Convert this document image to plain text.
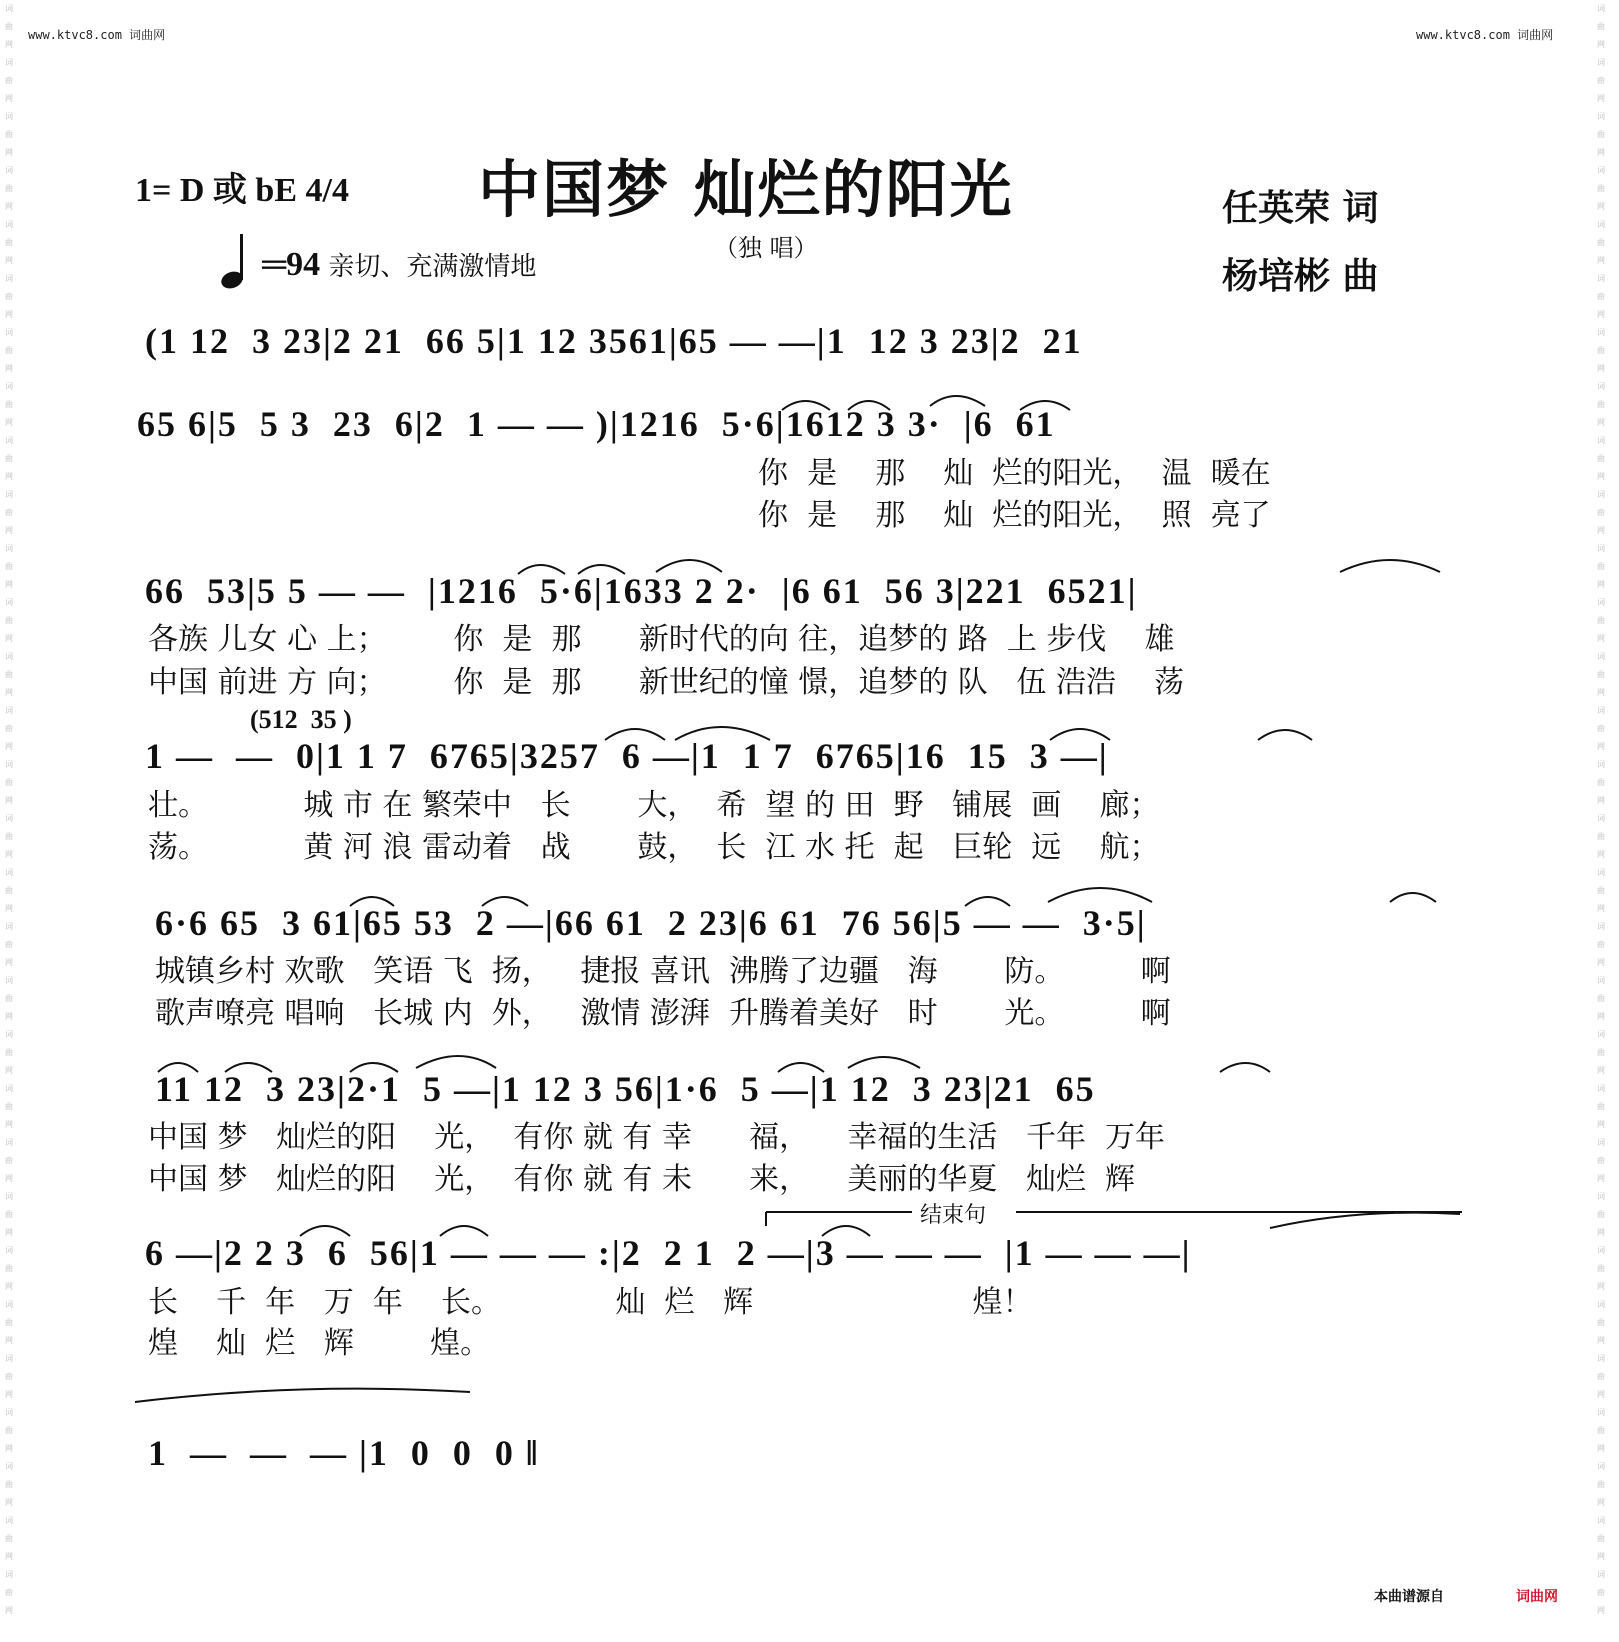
词
曲
网
词
曲
网
词
曲
网
词
曲
网
词
曲
网
词
曲
网
词
曲
网
词
曲
网
词
曲
网
词
曲
网
词
曲
网
词
曲
网
词
曲
网
词
曲
网
词
曲
网
词
曲
网
词
曲
网
词
曲
网
词
曲
网
词
曲
网
词
曲
网
词
曲
网
词
曲
网
词
曲
网
词
曲
网
词
曲
网
词
曲
网
词
曲
网
词
曲
网
词
曲
网
词
曲
网
词
曲
网
词
曲
网
词
曲
网
词
曲
网
词
曲
网
词
曲
网
词
曲
网
词
曲
网
词
曲
网
词
曲
网
词
曲
网
词
曲
网
词
曲
网
词
曲
网
词
曲
网
词
曲
网
词
曲
网
词
曲
网
词
曲
网
词
曲
网
词
曲
网
词
曲
网
词
曲
网
词
曲
网
词
曲
网
词
曲
网
词
曲
网
词
曲
网
词
曲
网
www.ktvc8.com 词曲网	www.ktvc8.com 词曲网
1= D 或 bE 4/4 中国梦 灿烂的阳光
（独 唱）
任英荣 词
杨培彬 曲
═94 亲切、充满激情地
(1 12  3 23|2 21  66 5|1 12 3561|65 — —|1  12 3 23|2  21
65 6|5  5 3  23  6|2  1 — — )|1216  5·6|1612 3 3·  |6  61
你  是    那    灿  烂的阳光，  温  暖在
你  是    那    灿  烂的阳光，  照  亮了
66  53|5 5 — —  |1216  5·6|1633 2 2·  |6 61  56 3|221  6521|
各族 儿女 心 上；       你  是  那      新时代的向 往，追梦的 路  上 步伐    雄
中国 前进 方 向；       你  是  那      新世纪的憧 憬，追梦的 队   伍 浩浩    荡
(512  35 )
1 —  —  0|1 1 7  6765|3257  6 —|1  1 7  6765|16  15  3 —|
壮。          城 市 在 繁荣中   长       大，  希  望 的 田  野   铺展  画    廊；
荡。          黄 河 浪 雷动着   战       鼓，  长  江 水 托  起   巨轮  远    航；
6·6 65  3 61|65 53  2 —|66 61  2 23|6 61  76 56|5 — —  3·5|
城镇乡村 欢歌   笑语 飞  扬，   捷报 喜讯  沸腾了边疆   海       防。        啊
歌声嘹亮 唱响   长城 内  外，   激情 澎湃  升腾着美好   时       光。        啊
11 12  3 23|2·1  5 —|1 12 3 56|1·6  5 —|1 12  3 23|21  65
中国 梦   灿烂的阳    光，  有你 就 有 幸      福，    幸福的生活   千年  万年
中国 梦   灿烂的阳    光，  有你 就 有 未      来，    美丽的华夏   灿烂  辉
结束句
6 —|2 2 3  6  56|1 — — — :|2  2 1  2 —|3 — — —  |1 — — —|
长    千  年   万  年    长。            灿  烂   辉                       煌！
煌    灿  烂   辉        煌。
1  —  —  — |1  0  0  0 ‖
本曲谱源自	词曲网
